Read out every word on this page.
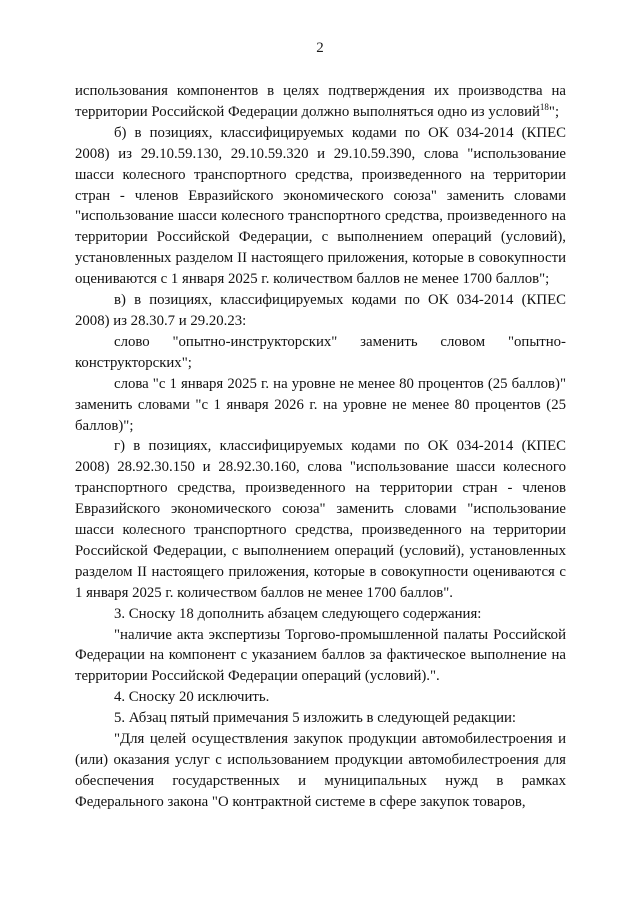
2

использования компонентов в целях подтверждения их производства на территории Российской Федерации должно выполняться одно из условий$^{18}$";

б) в позициях, классифицируемых кодами по ОК 034-2014 (КПЕС 2008) из 29.10.59.130, 29.10.59.320 и 29.10.59.390, слова "использование шасси колесного транспортного средства, произведенного на территории стран - членов Евразийского экономического союза" заменить словами "использование шасси колесного транспортного средства, произведенного на территории Российской Федерации, с выполнением операций (условий), установленных разделом II настоящего приложения, которые в совокупности оцениваются с 1 января 2025 г. количеством баллов не менее 1700 баллов";

в) в позициях, классифицируемых кодами по ОК 034-2014 (КПЕС 2008) из 28.30.7 и 29.20.23:

слово "опытно-инструкторских" заменить словом "опытно-конструкторских";

слова "с 1 января 2025 г. на уровне не менее 80 процентов (25 баллов)" заменить словами "с 1 января 2026 г. на уровне не менее 80 процентов (25 баллов)";

г) в позициях, классифицируемых кодами по ОК 034-2014 (КПЕС 2008) 28.92.30.150 и 28.92.30.160, слова "использование шасси колесного транспортного средства, произведенного на территории стран - членов Евразийского экономического союза" заменить словами "использование шасси колесного транспортного средства, произведенного на территории Российской Федерации, с выполнением операций (условий), установленных разделом II настоящего приложения, которые в совокупности оцениваются с 1 января 2025 г. количеством баллов не менее 1700 баллов".

3. Сноску 18 дополнить абзацем следующего содержания:

"наличие акта экспертизы Торгово-промышленной палаты Российской Федерации на компонент с указанием баллов за фактическое выполнение на территории Российской Федерации операций (условий).".

4. Сноску 20 исключить.

5. Абзац пятый примечания 5 изложить в следующей редакции:

"Для целей осуществления закупок продукции автомобилестроения и (или) оказания услуг с использованием продукции автомобилестроения для обеспечения государственных и муниципальных нужд в рамках Федерального закона "О контрактной системе в сфере закупок товаров,
